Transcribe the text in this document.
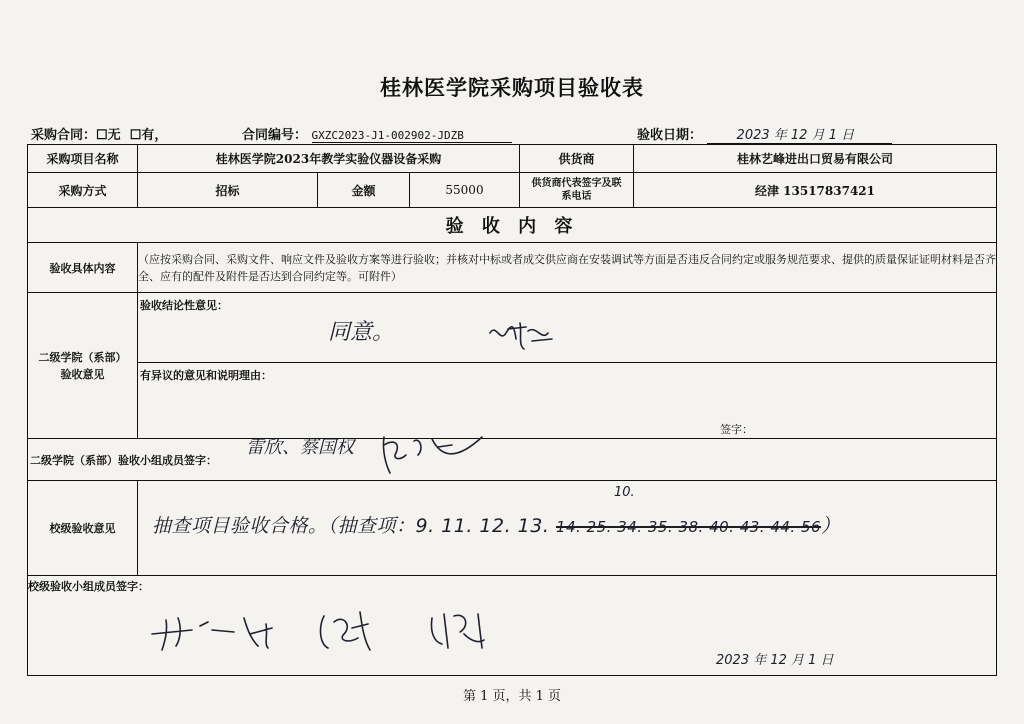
桂林医学院采购项目验收表
采购合同：☐无 ☐有，	合同编号： GXZC2023-J1-002902-JDZB	验收日期：	2023 年 12 月 1 日
采购项目名称	桂林医学院2023年教学实验仪器设备采购			供货商	桂林艺峰进出口贸易有限公司
采购方式	招标	金额	55000	供货商代表签字及联系电话	经津 13517837421
验 收 内 容					
验收具体内容	（应按采购合同、采购文件、响应文件及验收方案等进行验收；并核对中标或者成交供应商在安装调试等方面是否违反合同约定或服务规范要求、提供的质量保证证明材料是否齐全、应有的配件及附件是否达到合同约定等。可附件）				
二级学院（系部）验收意见	验收结论性意见：
同意。				

	有异议的意见和说明理由：
签字：				

二级学院（系部）验收小组成员签字：
雷欣、蔡国权					

校级验收意见	10.
抽查项目验收合格。（抽查项：9. 11. 12. 13. 14. 25. 34. 35. 38. 40. 43. 44. 56）				

校级验收小组成员签字：
2023 年 12 月 1 日					
第 1 页，共 1 页
